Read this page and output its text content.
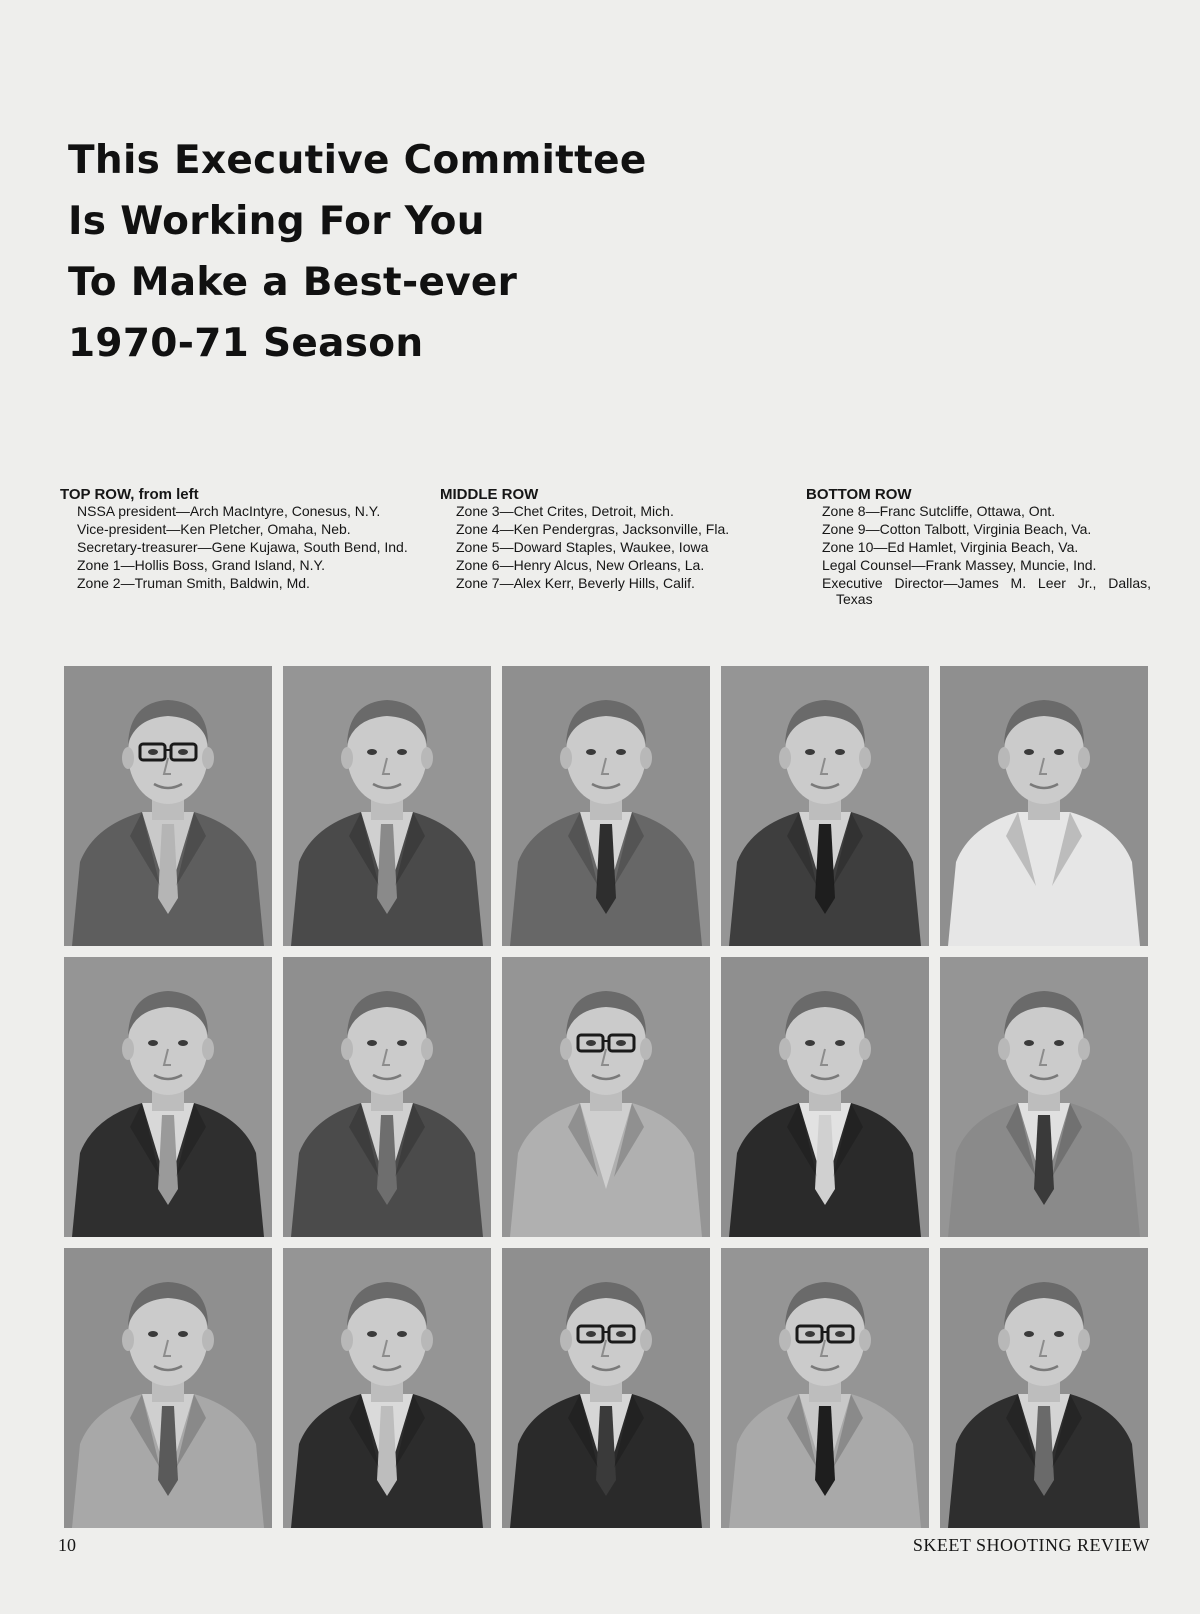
This Executive Committee
Is Working For You
To Make a Best-ever
1970-71 Season
TOP ROW, from left

NSSA president—Arch MacIntyre, Conesus, N.Y.

Vice-president—Ken Pletcher, Omaha, Neb.

Secretary-treasurer—Gene Kujawa, South Bend, Ind.

Zone 1—Hollis Boss, Grand Island, N.Y.

Zone 2—Truman Smith, Baldwin, Md.

MIDDLE ROW

Zone 3—Chet Crites, Detroit, Mich.

Zone 4—Ken Pendergras, Jacksonville, Fla.

Zone 5—Doward Staples, Waukee, Iowa

Zone 6—Henry Alcus, New Orleans, La.

Zone 7—Alex Kerr, Beverly Hills, Calif.

BOTTOM ROW

Zone 8—Franc Sutcliffe, Ottawa, Ont.

Zone 9—Cotton Talbott, Virginia Beach, Va.

Zone 10—Ed Hamlet, Virginia Beach, Va.

Legal Counsel—Frank Massey, Muncie, Ind.

Executive Director—James M. Leer Jr., Dallas, Texas

10	SKEET SHOOTING REVIEW
